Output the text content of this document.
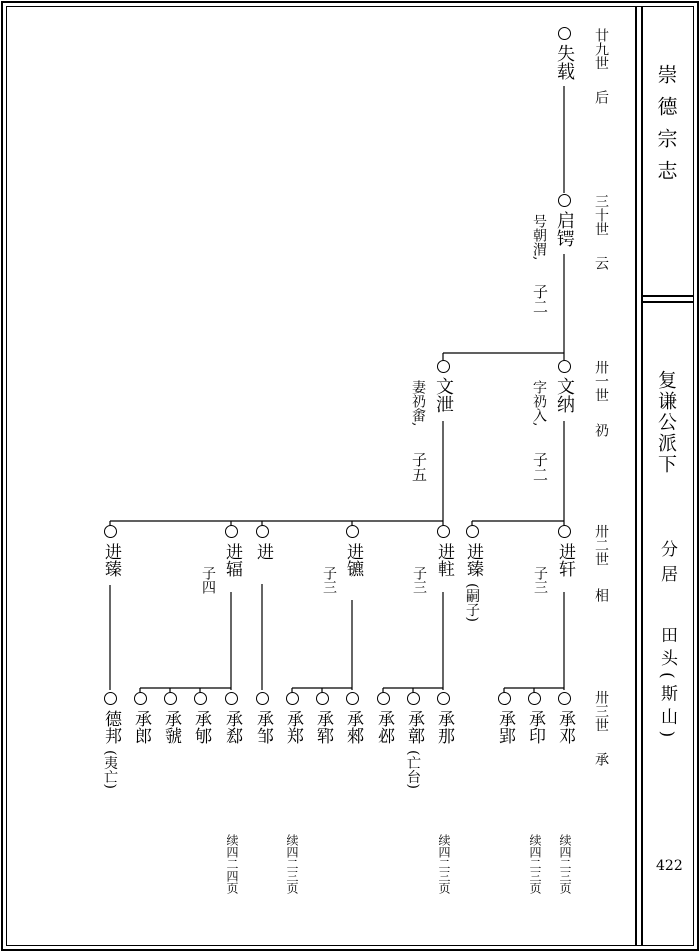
崇德宗志
复谦公派下
分居
田头(斯山)
422
廿九世
后
三十世
云
卅一世
礽
卅二世
相
卅三世
承
失载
启锷
号朝渭,
子二
文纳
字礽入,
子二
文泄
妻礽畬,
子五
进轩
子三
进臻
(嗣子)
进軴
子三
进镳
子三
进
进辐
子四
进臻
承邓
承印
承郢
承那
承鄣
(亡台)
承邲
承郲
承郓
承郑
承邹
承郄
承郇
承虢
承郎
德邦
(夷亡)
续四二三页
续四二三页
续四二三页
续四二三页
续四二四页
